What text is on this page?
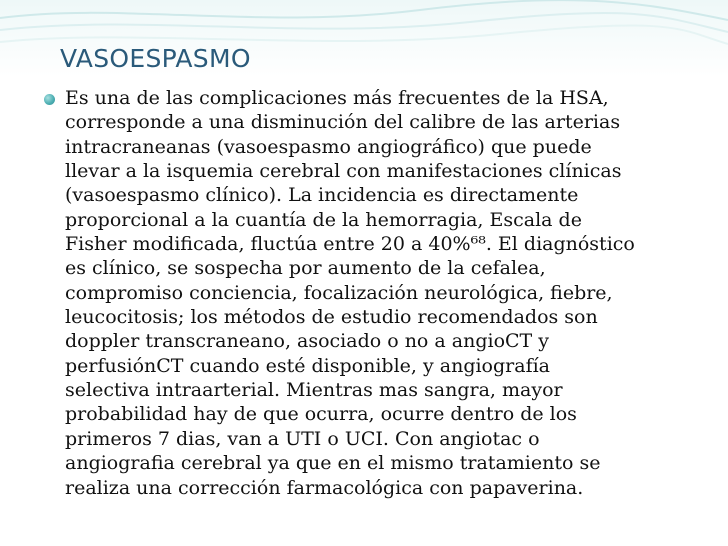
VASOESPASMO
Es una de las complicaciones más frecuentes de la HSA,
corresponde a una disminución del calibre de las arterias
intracraneanas (vasoespasmo angiográfico) que puede
llevar a la isquemia cerebral con manifestaciones clínicas
(vasoespasmo clínico). La incidencia es directamente
proporcional a la cuantía de la hemorragia, Escala de
Fisher modificada, fluctúa entre 20 a 40%⁶⁸. El diagnóstico
es clínico, se sospecha por aumento de la cefalea,
compromiso conciencia, focalización neurológica, fiebre,
leucocitosis; los métodos de estudio recomendados son
doppler transcraneano, asociado o no a angioCT y
perfusiónCT cuando esté disponible, y angiografía
selectiva intraarterial. Mientras mas sangra, mayor
probabilidad hay de que ocurra, ocurre dentro de los
primeros 7 dias, van a UTI o UCI. Con angiotac o
angiografia cerebral ya que en el mismo tratamiento se
realiza una corrección farmacológica con papaverina.
